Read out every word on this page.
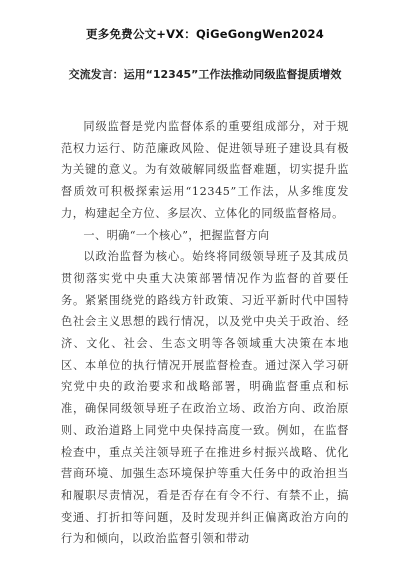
更多免费公文+VX：QiGeGongWen2024
交流发言：运用“12345”工作法推动同级监督提质增效

同级监督是党内监督体系的重要组成部分，对于规范权力运行、防范廉政风险、促进领导班子建设具有极为关键的意义。为有效破解同级监督难题，切实提升监督质效可积极探索运用“12345”工作法，从多维度发力，构建起全方位、多层次、立体化的同级监督格局。

一、明确“一个核心”，把握监督方向

以政治监督为核心。始终将同级领导班子及其成员贯彻落实党中央重大决策部署情况作为监督的首要任务。紧紧围绕党的路线方针政策、习近平新时代中国特色社会主义思想的践行情况，以及党中央关于政治、经济、文化、社会、生态文明等各领域重大决策在本地区、本单位的执行情况开展监督检查。通过深入学习研究党中央的政治要求和战略部署，明确监督重点和标准，确保同级领导班子在政治立场、政治方向、政治原则、政治道路上同党中央保持高度一致。例如，在监督检查中，重点关注领导班子在推进乡村振兴战略、优化营商环境、加强生态环境保护等重大任务中的政治担当和履职尽责情况，看是否存在有令不行、有禁不止，搞变通、打折扣等问题，及时发现并纠正偏离政治方向的行为和倾向，以政治监督引领和带动
